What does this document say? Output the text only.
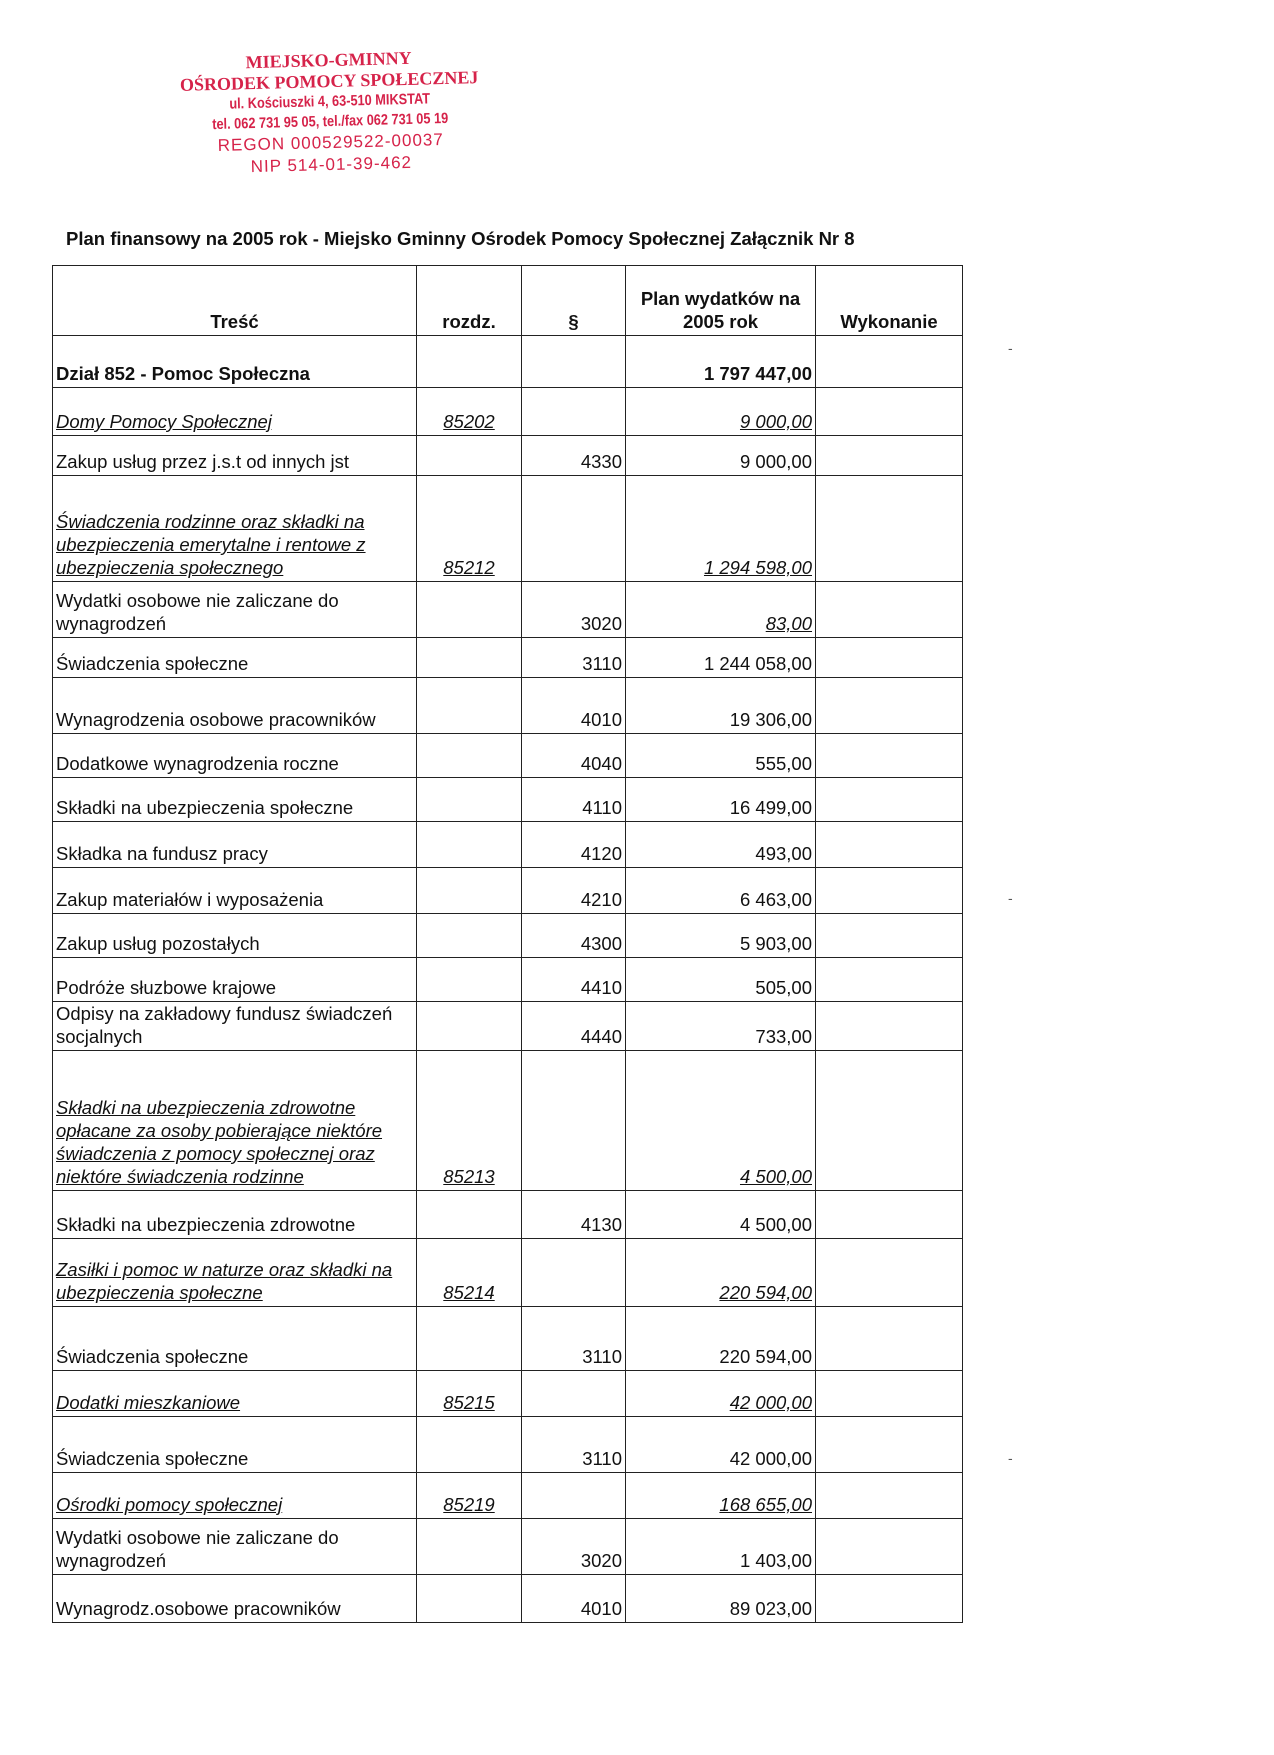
MIEJSKO-GMINNY
OŚRODEK POMOCY SPOŁECZNEJ
ul. Kościuszki 4, 63-510 MIKSTAT
tel. 062 731 95 05, tel./fax 062 731 05 19
REGON 000529522-00037
NIP 514-01-39-462
Plan finansowy na 2005 rok - Miejsko Gminny Ośrodek Pomocy Społecznej Załącznik Nr 8
Treść	rozdz.	§	Plan wydatków na 2005 rok	Wykonanie
Dział 852 - Pomoc Społeczna			1 797 447,00	
Domy Pomocy Społecznej	85202		9 000,00	
Zakup usług przez j.s.t od innych jst		4330	9 000,00	
Świadczenia rodzinne oraz składki na ubezpieczenia emerytalne i rentowe z ubezpieczenia społecznego	85212		1 294 598,00	
Wydatki osobowe nie zaliczane do wynagrodzeń		3020	83,00	
Świadczenia społeczne		3110	1 244 058,00	
Wynagrodzenia osobowe pracowników		4010	19 306,00	
Dodatkowe wynagrodzenia roczne		4040	555,00	
Składki na ubezpieczenia społeczne		4110	16 499,00	
Składka na fundusz pracy		4120	493,00	
Zakup materiałów i wyposażenia		4210	6 463,00	
Zakup usług pozostałych		4300	5 903,00	
Podróże słuzbowe krajowe		4410	505,00	
Odpisy na zakładowy fundusz świadczeń socjalnych		4440	733,00	
Składki na ubezpieczenia zdrowotne opłacane za osoby pobierające niektóre świadczenia z pomocy społecznej oraz niektóre świadczenia rodzinne	85213		4 500,00	
Składki na ubezpieczenia zdrowotne		4130	4 500,00	
Zasiłki i pomoc w naturze oraz składki na ubezpieczenia społeczne	85214		220 594,00	
Świadczenia społeczne		3110	220 594,00	
Dodatki mieszkaniowe	85215		42 000,00	
Świadczenia społeczne		3110	42 000,00	
Ośrodki pomocy społecznej	85219		168 655,00	
Wydatki osobowe nie zaliczane do wynagrodzeń		3020	1 403,00	
Wynagrodz.osobowe pracowników		4010	89 023,00	
-
-
-
